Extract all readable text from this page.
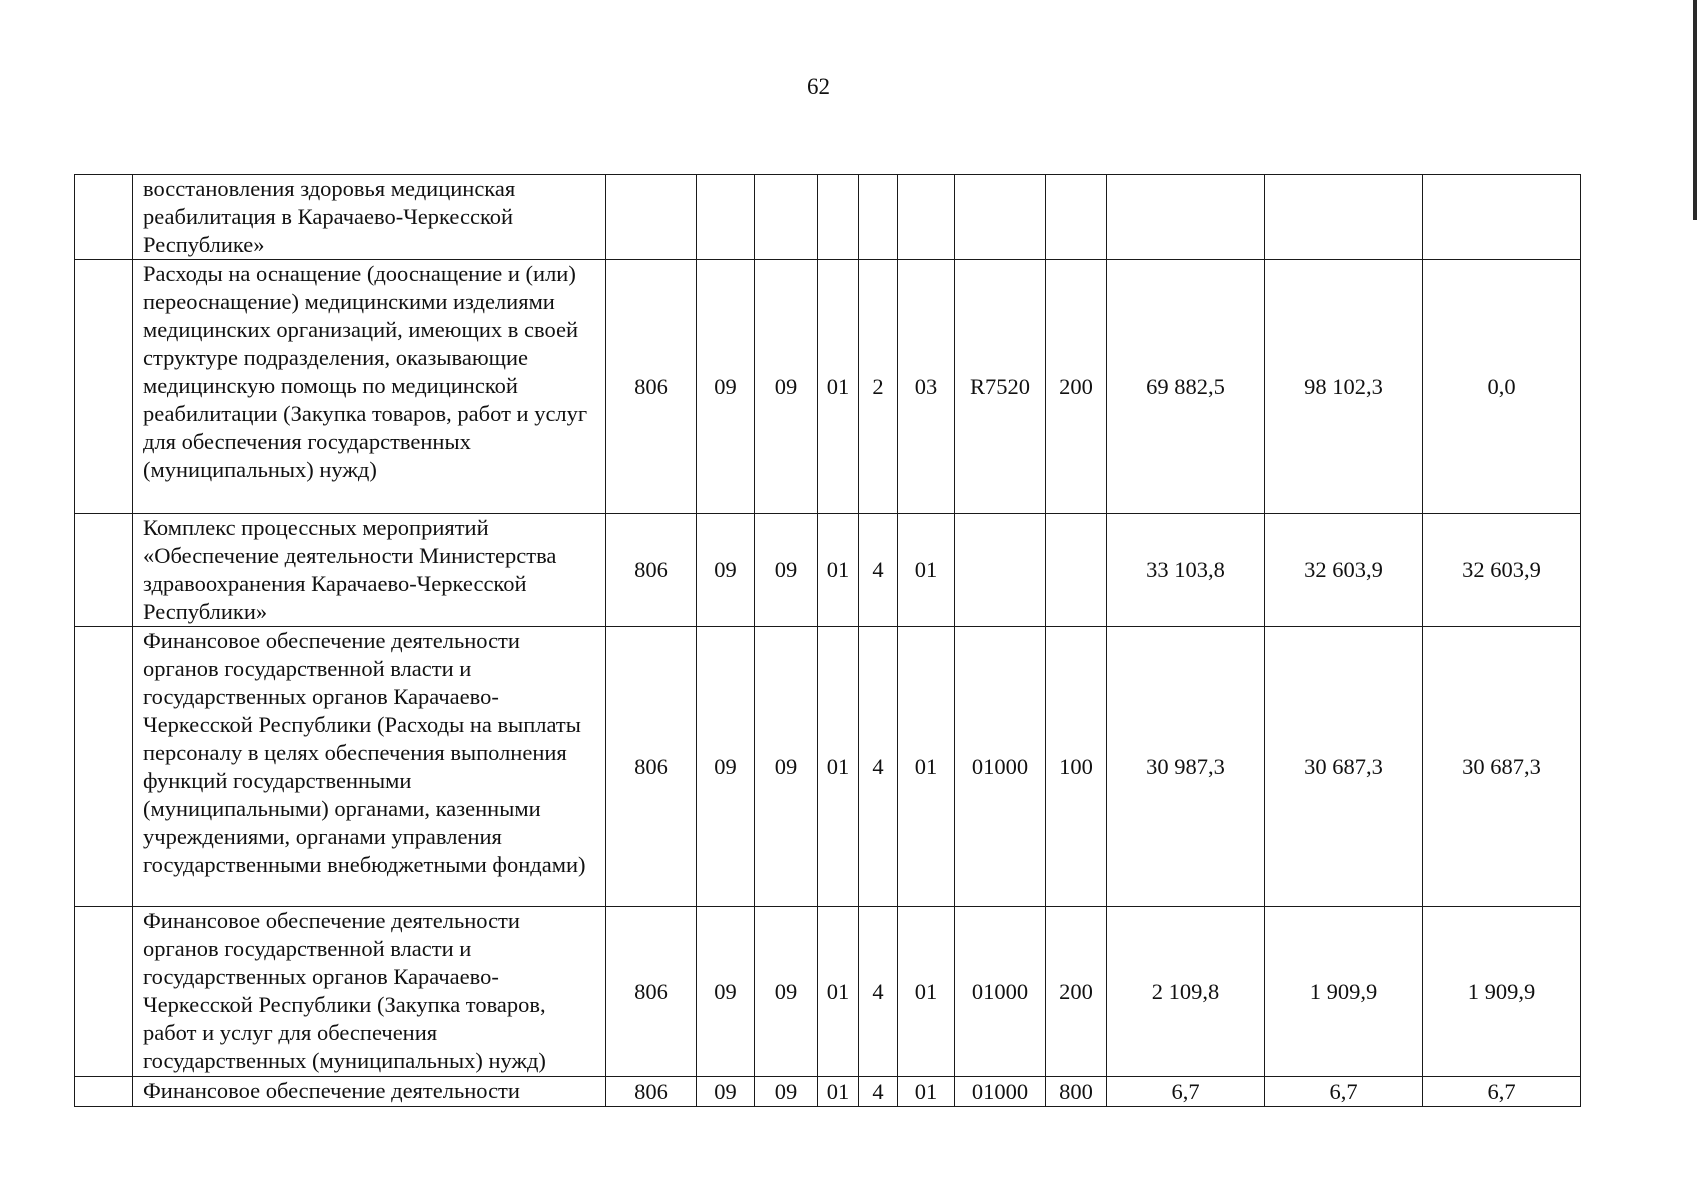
62
	восстановления здоровья медицинская реабилитация в Карачаево-Черкесской Республике»											
	Расходы на оснащение (дооснащение и (или) переоснащение) медицинскими изделиями медицинских организаций, имеющих в своей структуре подразделения, оказывающие медицинскую помощь по медицинской реабилитации (Закупка товаров, работ и услуг для обеспечения государственных (муниципальных) нужд)	806	09	09	01	2	03	R7520	200	69 882,5	98 102,3	0,0
	Комплекс процессных мероприятий «Обеспечение деятельности Министерства здравоохранения Карачаево-Черкесской Республики»	806	09	09	01	4	01			33 103,8	32 603,9	32 603,9
	Финансовое обеспечение деятельности органов государственной власти и государственных органов Карачаево-Черкесской Республики (Расходы на выплаты персоналу в целях обеспечения выполнения функций государственными (муниципальными) органами, казенными учреждениями, органами управления государственными внебюджетными фондами)	806	09	09	01	4	01	01000	100	30 987,3	30 687,3	30 687,3
	Финансовое обеспечение деятельности органов государственной власти и государственных органов Карачаево-Черкесской Республики (Закупка товаров, работ и услуг для обеспечения государственных (муниципальных) нужд)	806	09	09	01	4	01	01000	200	2 109,8	1 909,9	1 909,9
	Финансовое обеспечение деятельности	806	09	09	01	4	01	01000	800	6,7	6,7	6,7
